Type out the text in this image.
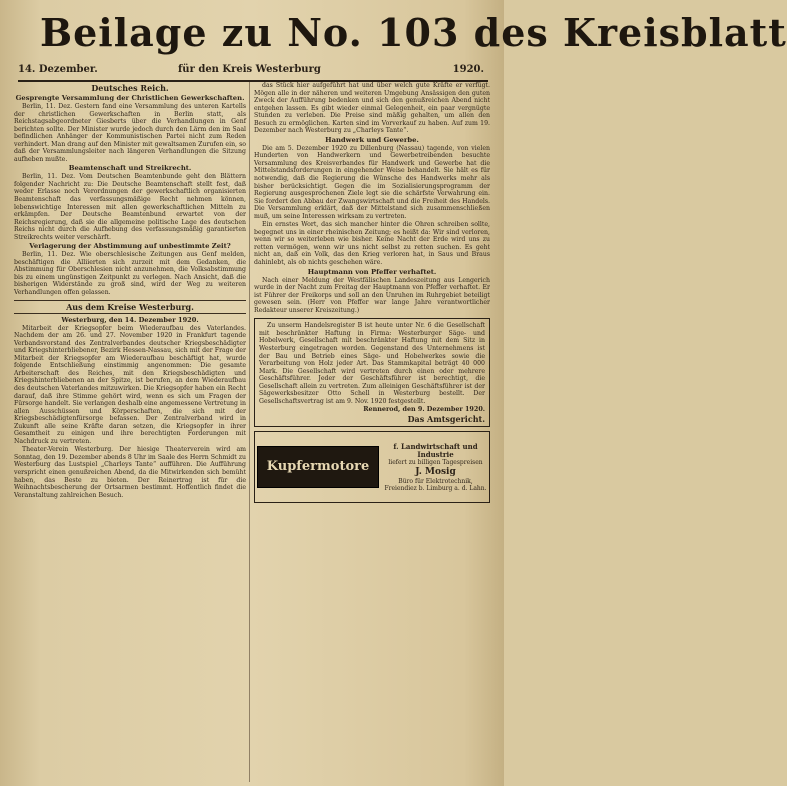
Beilage zu No. 103 des Kreisblatt
14. Dezember.	für den Kreis Westerburg	1920.
Deutsches Reich.
Gesprengte Versammlung der Christlichen Gewerkschaften.

Berlin, 11. Dez. Gestern fand eine Versammlung des unteren Kartells der christlichen Gewerkschaften in Berlin statt, als Reichstagsabgeordneter Giesberts über die Verhandlungen in Genf berichten sollte. Der Minister wurde jedoch durch den Lärm den im Saal befindlichen Anhänger der Kommunistischen Partei nicht zum Reden verhindert. Man drang auf den Minister mit gewaltsamen Zurufen ein, so daß der Versammlungsleiter nach längeren Verhandlungen die Sitzung aufheben mußte.

Beamtenschaft und Streikrecht.

Berlin, 11. Dez. Vom Deutschen Beamtenbunde geht den Blättern folgender Nachricht zu: Die Deutsche Beamtenschaft stellt fest, daß weder Erlasse noch Verordnungen der gewerkschaftlich organisierten Beamtenschaft das verfassungsmäßige Recht nehmen können, lebenswichtige Interessen mit allen gewerkschaftlichen Mitteln zu erkämpfen. Der Deutsche Beamtenbund erwartet von der Reichsregierung, daß sie die allgemeine politische Lage des deutschen Reichs nicht durch die Aufhebung des verfassungsmäßig garantierten Streikrechts weiter verschärft.

Verlagerung der Abstimmung auf unbestimmte Zeit?

Berlin, 11. Dez. Wie oberschlesische Zeitungen aus Genf melden, beschäftigen die Alliierten sich zurzeit mit dem Gedanken, die Abstimmung für Oberschlesien nicht anzunehmen, die Volksabstimmung bis zu einem ungünstigen Zeitpunkt zu verlegen. Nach Ansicht, daß die bisherigen Widerstände zu groß sind, wird der Weg zu weiteren Verhandlungen offen gelassen.

Aus dem Kreise Westerburg.
Westerburg, den 14. Dezember 1920.

Mitarbeit der Kriegsopfer beim Wiederaufbau des Vaterlandes. Nachdem der am 26. und 27. November 1920 in Frankfurt tagende Verbandsvorstand des Zentralverbandes deutscher Kriegsbeschädigter und Kriegshinterbliebener, Bezirk Hessen-Nassau, sich mit der Frage der Mitarbeit der Kriegsopfer am Wiederaufbau beschäftigt hat, wurde folgende Entschließung einstimmig angenommen: Die gesamte Arbeiterschaft des Reiches, mit den Kriegsbeschädigten und Kriegshinterbliebenen an der Spitze, ist berufen, an dem Wiederaufbau des deutschen Vaterlandes mitzuwirken. Die Kriegsopfer haben ein Recht darauf, daß ihre Stimme gehört wird, wenn es sich um Fragen der Fürsorge handelt. Sie verlangen deshalb eine angemessene Vertretung in allen Ausschüssen und Körperschaften, die sich mit der Kriegsbeschädigtenfürsorge befassen. Der Zentralverband wird in Zukunft alle seine Kräfte daran setzen, die Kriegsopfer in ihrer Gesamtheit zu einigen und ihre berechtigten Forderungen mit Nachdruck zu vertreten.

Theater-Verein Westerburg. Der hiesige Theaterverein wird am Sonntag, den 19. Dezember abends 8 Uhr im Saale des Herrn Schmidt zu Westerburg das Lustspiel „Charleys Tante“ aufführen. Die Aufführung verspricht einen genußreichen Abend, da die Mitwirkenden sich bemüht haben, das Beste zu bieten. Der Reinertrag ist für die Weihnachtsbescherung der Ortsarmen bestimmt. Hoffentlich findet die Veranstaltung zahlreichen Besuch.

das Stück hier aufgeführt hat und über welch gute Kräfte er verfügt. Mögen alle in der näheren und weiteren Umgebung Ansässigen den guten Zweck der Aufführung bedenken und sich den genußreichen Abend nicht entgehen lassen. Es gibt wieder einmal Gelegenheit, ein paar vergnügte Stunden zu verleben. Die Preise sind mäßig gehalten, um allen den Besuch zu ermöglichen. Karten sind im Vorverkauf zu haben. Auf zum 19. Dezember nach Westerburg zu „Charleys Tante“.

Handwerk und Gewerbe.

Die am 5. Dezember 1920 zu Dillenburg (Nassau) tagende, von vielen Hunderten von Handwerkern und Gewerbetreibenden besuchte Versammlung des Kreisverbandes für Handwerk und Gewerbe hat die Mittelstandsforderungen in eingehender Weise behandelt. Sie hält es für notwendig, daß die Regierung die Wünsche des Handwerks mehr als bisher berücksichtigt. Gegen die im Sozialisierungsprogramm der Regierung ausgesprochenen Ziele legt sie die schärfste Verwahrung ein. Sie fordert den Abbau der Zwangswirtschaft und die Freiheit des Handels. Die Versammlung erklärt, daß der Mittelstand sich zusammenschließen muß, um seine Interessen wirksam zu vertreten.

Ein ernstes Wort, das sich mancher hinter die Ohren schreiben sollte, begegnet uns in einer rheinischen Zeitung; es heißt da: Wir sind verloren, wenn wir so weiterleben wie bisher. Keine Nacht der Erde wird uns zu retten vermögen, wenn wir uns nicht selbst zu retten suchen. Es geht nicht an, daß ein Volk, das den Krieg verloren hat, in Saus und Braus dahinlebt, als ob nichts geschehen wäre.

Hauptmann von Pfeffer verhaftet.

Nach einer Meldung der Westfälischen Landeszeitung aus Lengerich wurde in der Nacht zum Freitag der Hauptmann von Pfeffer verhaftet. Er ist Führer der Freikorps und soll an den Unruhen im Ruhrgebiet beteiligt gewesen sein. (Herr von Pfeffer war lange Jahre verantwortlicher Redakteur unserer Kreiszeitung.)

Zu unserm Handelsregister B ist heute unter Nr. 6 die Gesellschaft mit beschränkter Haftung in Firma: Westerburger Säge- und Hobelwerk, Gesellschaft mit beschränkter Haftung mit dem Sitz in Westerburg eingetragen worden. Gegenstand des Unternehmens ist der Bau und Betrieb eines Säge- und Hobelwerkes sowie die Verarbeitung von Holz jeder Art. Das Stammkapital beträgt 40 000 Mark. Die Gesellschaft wird vertreten durch einen oder mehrere Geschäftsführer. Jeder der Geschäftsführer ist berechtigt, die Gesellschaft allein zu vertreten. Zum alleinigen Geschäftsführer ist der Sägewerksbesitzer Otto Schell in Westerburg bestellt. Der Gesellschaftsvertrag ist am 9. Nov. 1920 festgestellt.

Rennerod, den 9. Dezember 1920.
Das Amtsgericht.
Kupfermotore
f. Landwirtschaft und Industrie
liefert zu billigen Tagespreisen
J. Mosig
Büro für Elektrotechnik,
Freiendiez b. Limburg a. d. Lahn.
